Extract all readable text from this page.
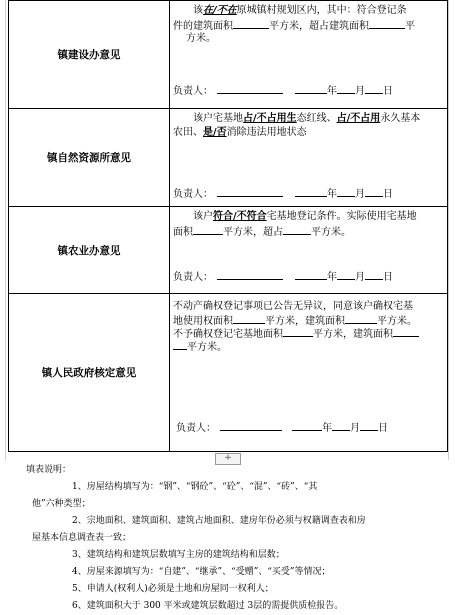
镇建设办意见	该在/不在原城镇村规划区内，其中：符合登记条
件的建筑面积 平方米，超占建筑面积 平
方米。
负责人： 年 月 日

镇自然资源所意见	该户宅基地占/不占用生态红线、占/不占用永久基本
农田、是/否消除违法用地状态
负责人： 年 月 日

镇农业办意见	该户符合/不符合宅基地登记条件。实际使用宅基地
面积 平方米，超占 平方米。
负责人： 年 月 日

镇人民政府核定意见	不动产确权登记事项已公告无异议，同意该户确权宅基
地使用权面积 平方米，建筑面积 平方米。
不予确权登记宅基地面积 平方米，建筑面积
平方米。
负责人： 年 月 日
+
填表说明：
1、房屋结构填写为：“钢”、“钢砼”、“砼”、“混”、“砖”、“其
他”六种类型；
2、宗地面积、建筑面积、建筑占地面积、建房年份必须与权籍调查表和房
屋基本信息调查表一致；
3、建筑结构和建筑层数填写主房的建筑结构和层数；
4、房屋来源填写为：“自建”、“继承”、“受赠”、“买受”等情况；
5、申请人(权利人)必须是土地和房屋同一权利人；
6、建筑面积大于 300 平米或建筑层数超过 3层的需提供质检报告。
